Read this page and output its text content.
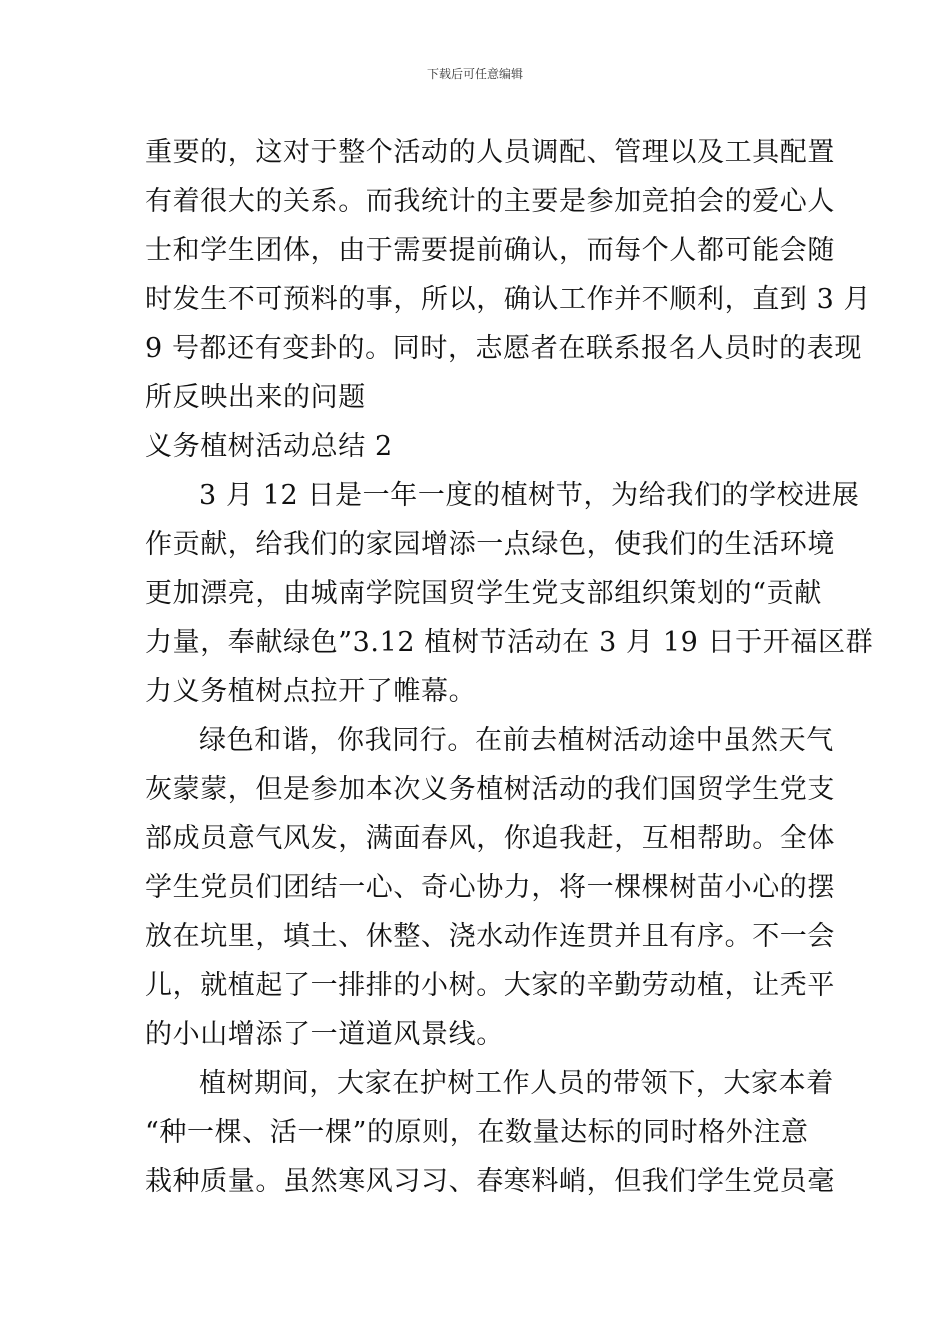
下载后可任意编辑
重要的，这对于整个活动的人员调配、管理以及工具配置
有着很大的关系。而我统计的主要是参加竞拍会的爱心人
士和学生团体，由于需要提前确认，而每个人都可能会随
时发生不可预料的事，所以，确认工作并不顺利，直到 3 月
9 号都还有变卦的。同时，志愿者在联系报名人员时的表现
所反映出来的问题
义务植树活动总结 2
3 月 12 日是一年一度的植树节，为给我们的学校进展
作贡献，给我们的家园增添一点绿色，使我们的生活环境
更加漂亮，由城南学院国贸学生党支部组织策划的“贡献
力量，奉献绿色”3.12 植树节活动在 3 月 19 日于开福区群
力义务植树点拉开了帷幕。
绿色和谐，你我同行。在前去植树活动途中虽然天气
灰蒙蒙，但是参加本次义务植树活动的我们国贸学生党支
部成员意气风发，满面春风，你追我赶，互相帮助。全体
学生党员们团结一心、奇心协力，将一棵棵树苗小心的摆
放在坑里，填土、休整、浇水动作连贯并且有序。不一会
儿，就植起了一排排的小树。大家的辛勤劳动植，让秃平
的小山增添了一道道风景线。
植树期间，大家在护树工作人员的带领下，大家本着
“种一棵、活一棵”的原则，在数量达标的同时格外注意
栽种质量。虽然寒风习习、春寒料峭，但我们学生党员毫
